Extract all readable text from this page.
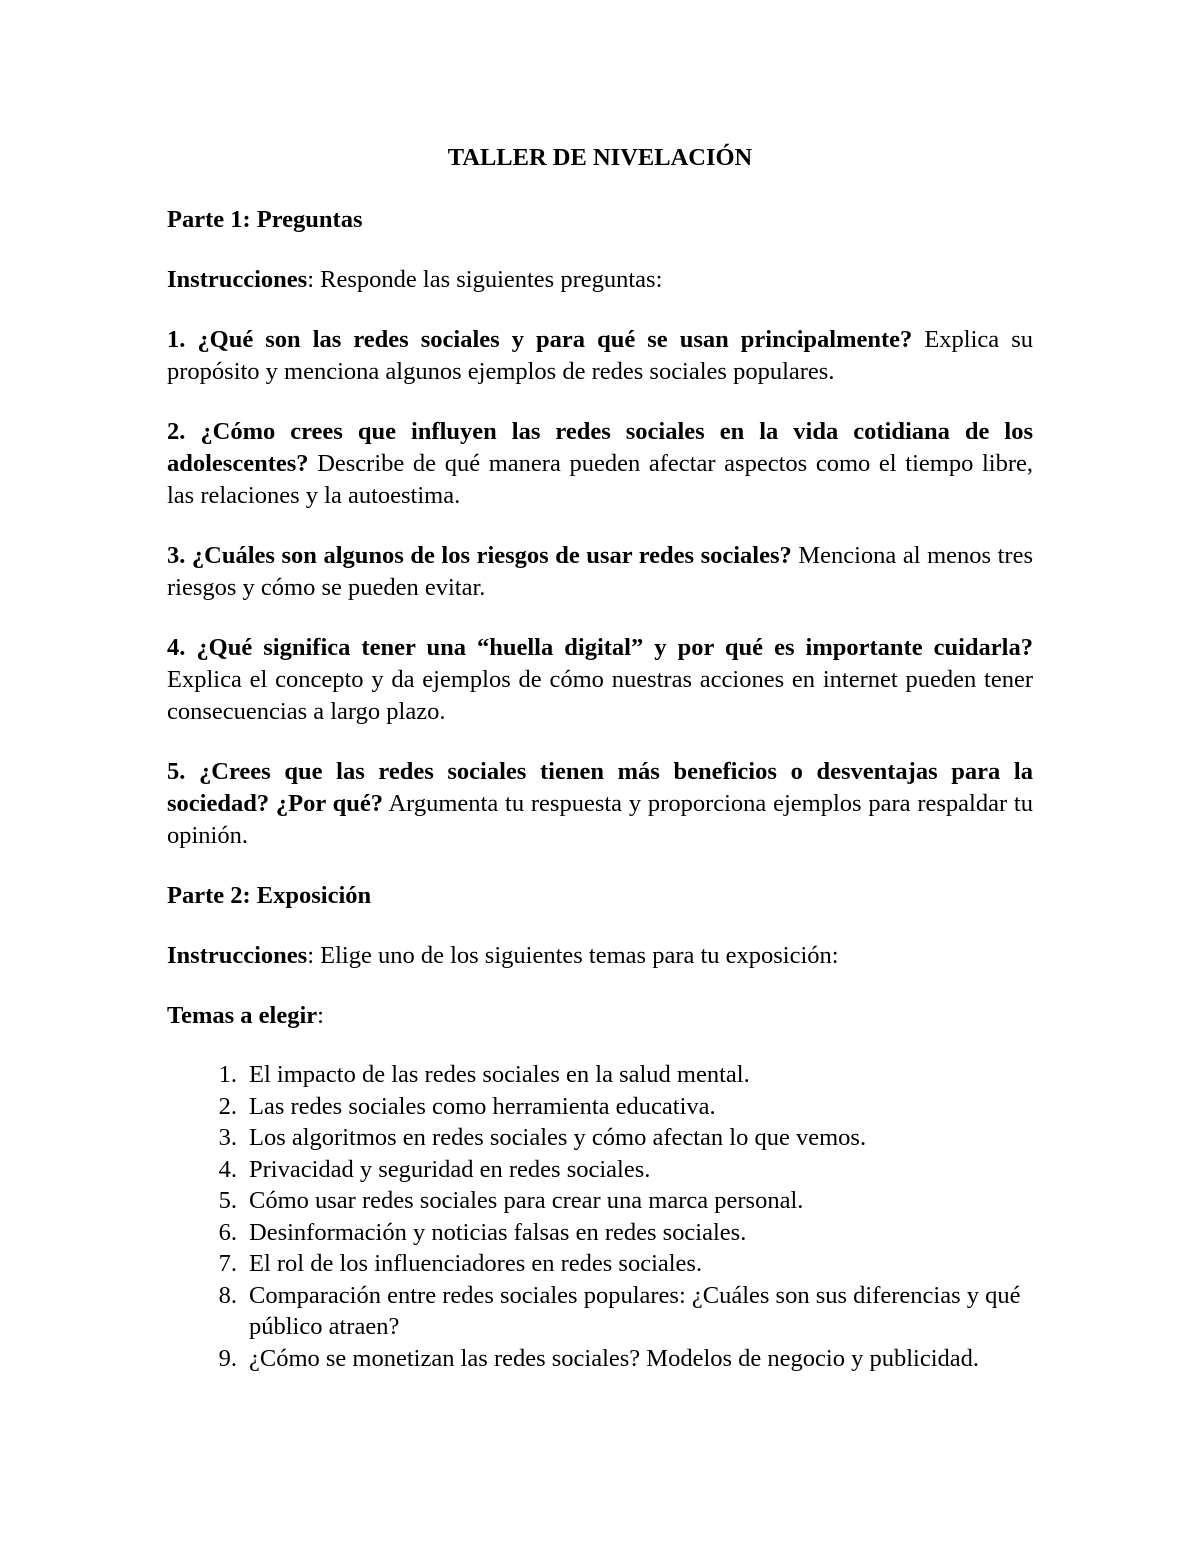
TALLER DE NIVELACIÓN

Parte 1: Preguntas

Instrucciones: Responde las siguientes preguntas:

1. ¿Qué son las redes sociales y para qué se usan principalmente? Explica su propósito y menciona algunos ejemplos de redes sociales populares.

2. ¿Cómo crees que influyen las redes sociales en la vida cotidiana de los adolescentes? Describe de qué manera pueden afectar aspectos como el tiempo libre, las relaciones y la autoestima.

3. ¿Cuáles son algunos de los riesgos de usar redes sociales? Menciona al menos tres riesgos y cómo se pueden evitar.

4. ¿Qué significa tener una “huella digital” y por qué es importante cuidarla? Explica el concepto y da ejemplos de cómo nuestras acciones en internet pueden tener consecuencias a largo plazo.

5. ¿Crees que las redes sociales tienen más beneficios o desventajas para la sociedad? ¿Por qué? Argumenta tu respuesta y proporciona ejemplos para respaldar tu opinión.

Parte 2: Exposición

Instrucciones: Elige uno de los siguientes temas para tu exposición:

Temas a elegir:

1. El impacto de las redes sociales en la salud mental.
2. Las redes sociales como herramienta educativa.
3. Los algoritmos en redes sociales y cómo afectan lo que vemos.
4. Privacidad y seguridad en redes sociales.
5. Cómo usar redes sociales para crear una marca personal.
6. Desinformación y noticias falsas en redes sociales.
7. El rol de los influenciadores en redes sociales.
8. Comparación entre redes sociales populares: ¿Cuáles son sus diferencias y qué público atraen?
9. ¿Cómo se monetizan las redes sociales? Modelos de negocio y publicidad.
